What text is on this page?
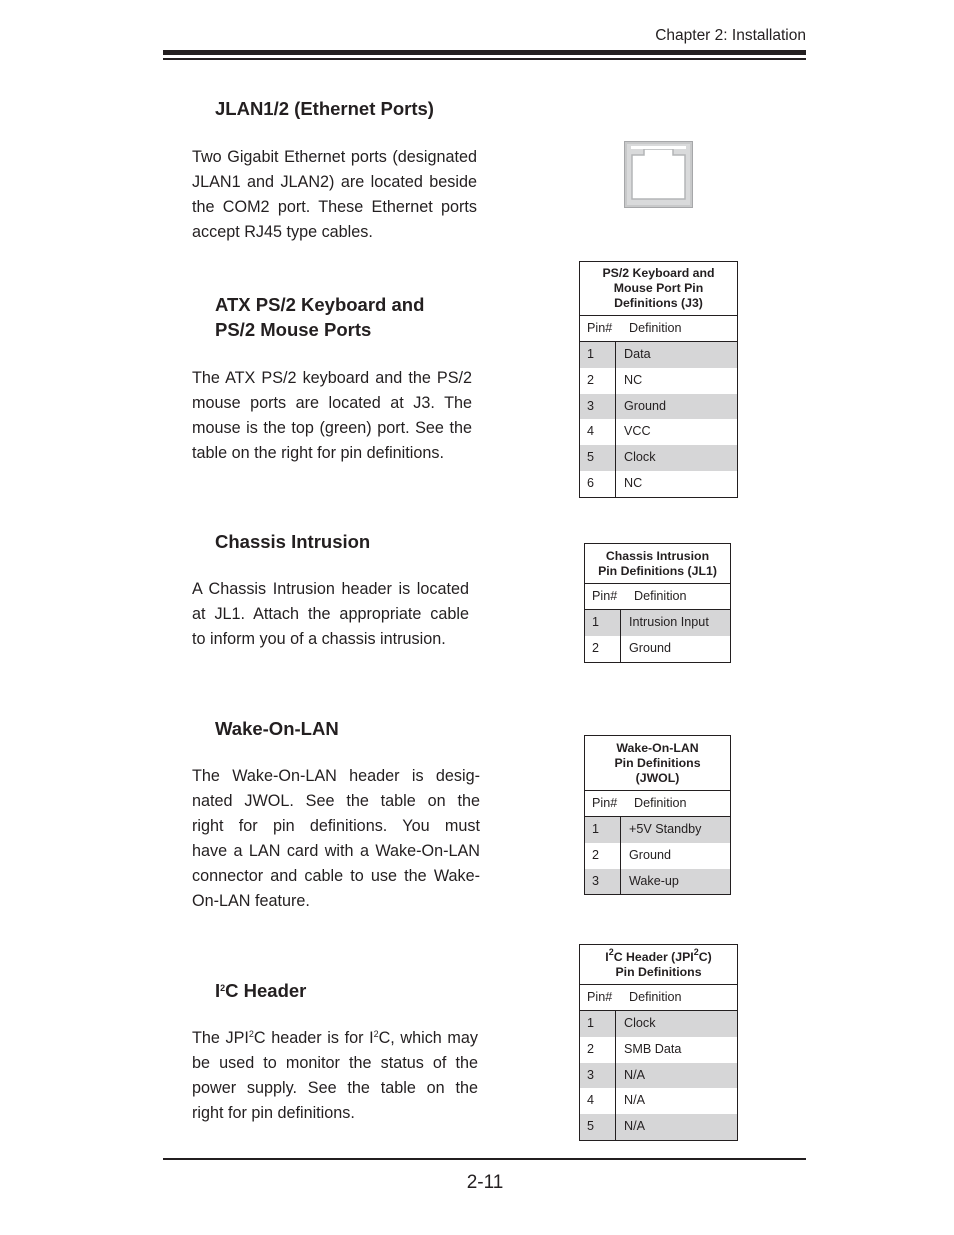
Chapter 2: Installation
2-11
JLAN1/2 (Ethernet Ports)
Two Gigabit Ethernet ports (designated
JLAN1 and JLAN2) are located beside
the COM2 port. These Ethernet ports
accept RJ45 type cables.
ATX PS/2 Keyboard and
PS/2 Mouse Ports
The ATX PS/2 keyboard and the PS/2
mouse ports are located at J3. The
mouse is the top (green) port. See the
table on the right for pin definitions.
PS/2 Keyboard and
Mouse Port Pin
Definitions (J3)
Pin#	Definition
1	Data
2	NC
3	Ground
4	VCC
5	Clock
6	NC
Chassis Intrusion
A Chassis Intrusion header is located
at JL1. Attach the appropriate cable
to inform you of a chassis intrusion.
Chassis Intrusion
Pin Definitions (JL1)
Pin#	Definition
1	Intrusion Input
2	Ground
Wake-On-LAN
The Wake-On-LAN header is desig-
nated JWOL. See the table on the
right for pin definitions. You must
have a LAN card with a Wake-On-LAN
connector and cable to use the Wake-
On-LAN feature.
Wake-On-LAN
Pin Definitions
(JWOL)
Pin#	Definition
1	+5V Standby
2	Ground
3	Wake-up
$I^2C$ Header
The JPI$^2$C header is for $I^2C$, which may
be used to monitor the status of the
power supply. See the table on the
right for pin definitions.
$I^2C$ Header (JPI$^2$C)
Pin Definitions
Pin#	Definition
1	Clock
2	SMB Data
3	N/A
4	N/A
5	N/A
